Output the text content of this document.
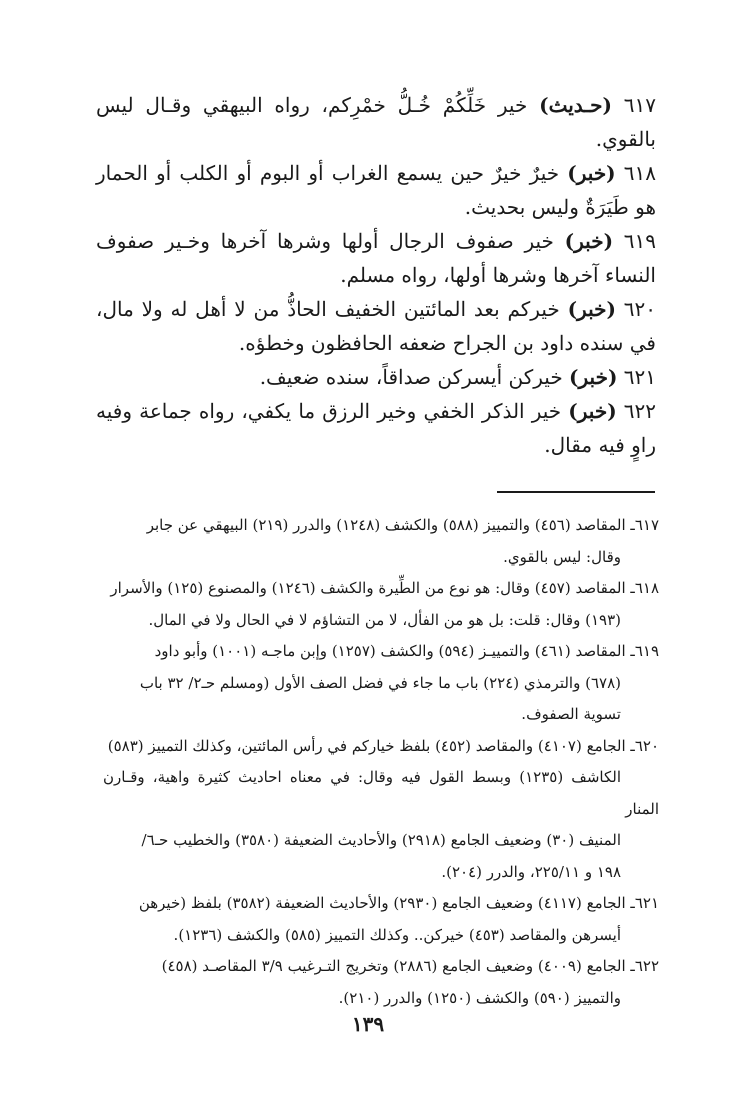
٦١٧ (حـديث) خير خَلِّكُمْ خُـلُّ خمْرِكم، رواه البيهقي وقـال ليس بالقوي.

٦١٨ (خبر) خيرٌ خيرٌ حين يسمع الغراب أو البوم أو الكلب أو الحمار هو طَيَرَةٌ وليس بحديث.

٦١٩ (خبر) خير صفوف الرجال أولها وشرها آخرها وخـير صفوف النساء آخرها وشرها أولها، رواه مسلم.

٦٢٠ (خبر) خيركم بعد المائتين الخفيف الحاذُّ من لا أهل له ولا مال، في سنده داود بن الجراح ضعفه الحافظون وخطؤه.

٦٢١ (خبر) خيركن أيسركن صداقاً، سنده ضعيف.

٦٢٢ (خبر) خير الذكر الخفي وخير الرزق ما يكفي، رواه جماعة وفيه راوٍ فيه مقال.

٦١٧ـ المقاصد (٤٥٦) والتمييز (٥٨٨) والكشف (١٢٤٨) والدرر (٢١٩) البيهقي عن جابر
وقال: ليس بالقوي.

٦١٨ـ المقاصد (٤٥٧) وقال: هو نوع من الطِّيرة والكشف (١٢٤٦) والمصنوع (١٢٥) والأسرار
(١٩٣) وقال: قلت: بل هو من الفأل، لا من التشاؤم لا في الحال ولا في المال.

٦١٩ـ المقاصد (٤٦١) والتمييـز (٥٩٤) والكشف (١٢٥٧) وإبن ماجـه (١٠٠١) وأبو داود
(٦٧٨) والترمذي (٢٢٤) باب ما جاء في فضل الصف الأول (ومسلم حـ٢/ ٣٢ باب
تسوية الصفوف.

٦٢٠ـ الجامع (٤١٠٧) والمقاصد (٤٥٢) بلفظ خياركم في رأس المائتين، وكذلك التمييز (٥٨٣)
الكاشف (١٢٣٥) وبسط القول فيه وقال: في معناه احاديث كثيرة واهية، وقـارن المنار
المنيف (٣٠) وضعيف الجامع (٢٩١٨) والأحاديث الضعيفة (٣٥٨٠) والخطيب حـ٦/
١٩٨ و ٢٢٥/١١، والدرر (٢٠٤).

٦٢١ـ الجامع (٤١١٧) وضعيف الجامع (٢٩٣٠) والأحاديث الضعيفة (٣٥٨٢) بلفظ (خيرهن
أيسرهن والمقاصد (٤٥٣) خيركن.. وكذلك التمييز (٥٨٥) والكشف (١٢٣٦).

٦٢٢ـ الجامع (٤٠٠٩) وضعيف الجامع (٢٨٨٦) وتخريج التـرغيب ٣/٩ المقاصـد (٤٥٨)
والتمييز (٥٩٠) والكشف (١٢٥٠) والدرر (٢١٠).

١٣٩
